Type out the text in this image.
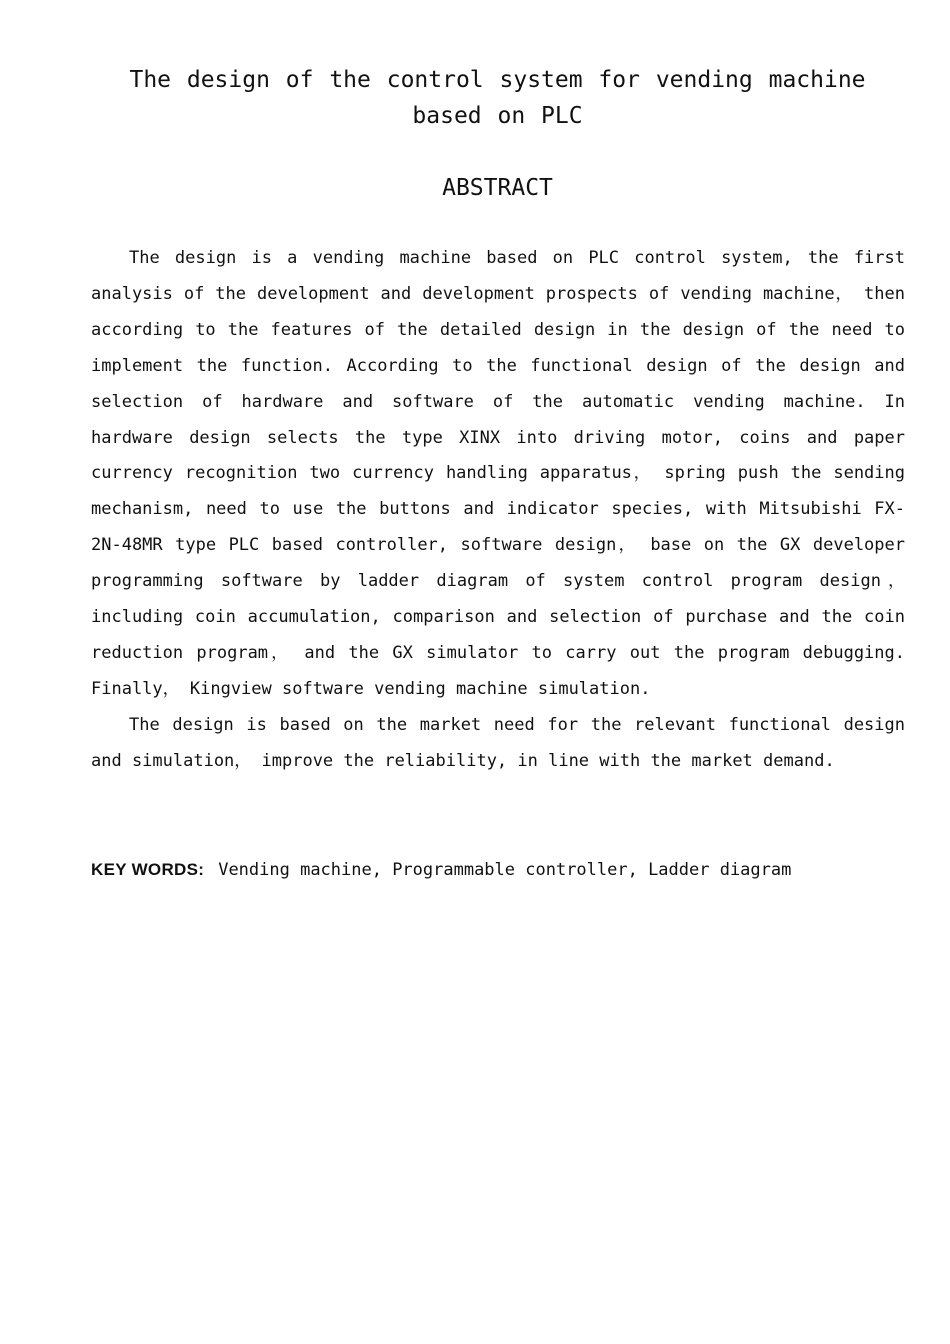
The design of the control system for vending machine based on PLC
ABSTRACT

The design is a vending machine based on PLC control system, the first analysis of the development and development prospects of vending machine， then according to the features of the detailed design in the design of the need to implement the function. According to the functional design of the design and selection of hardware and software of the automatic vending machine. In hardware design selects the type XINX into driving motor, coins and paper currency recognition two currency handling apparatus， spring push the sending mechanism, need to use the buttons and indicator species, with Mitsubishi FX-2N-48MR type PLC based controller, software design， base on the GX developer programming software by ladder diagram of system control program design， including coin accumulation, comparison and selection of purchase and the coin reduction program， and the GX simulator to carry out the program debugging. Finally， Kingview software vending machine simulation.

The design is based on the market need for the relevant functional design and simulation， improve the reliability, in line with the market demand.

KEY WORDS: Vending machine, Programmable controller, Ladder diagram
